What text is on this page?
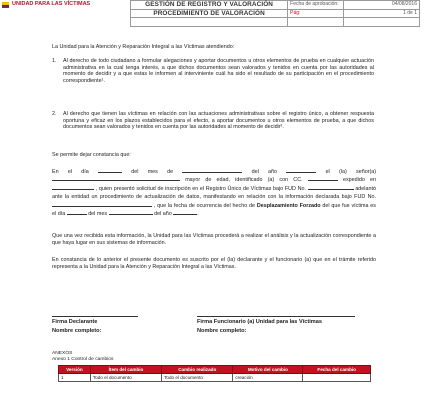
UNIDAD PARA LAS VÍCTIMAS	GESTIÓN DE REGISTRO Y VALORACIÓN	Fecha de aprobación:	04/08/2016
PROCEDIMIENTO DE VALORACIÓN	Pág:	1 de 1

La Unidad para la Atención y Reparación Integral a las Víctimas atendiendo:
1.	Al derecho de todo ciudadano a formular alegaciones y aportar documentos u otros elementos de prueba en cualquier actuación administrativa en la cual tenga interés, a que dichos documentos sean valorados y tenidos en cuenta por las autoridades al momento de decidir y a que estas le informen al interviniente cuál ha sido el resultado de su participación en el procedimiento correspondiente¹.
2.	Al derecho que tienen las víctimas en relación con las actuaciones administrativas sobre el registro único, a obtener respuesta oportuna y eficaz en los plazos establecidos para el efecto, a aportar documentos u otros elementos de prueba, a que dichos documentos sean valorados y tenidos en cuenta por las autoridades al momento de decidir².
Se permite dejar constancia que:
En el día	del mes de	del año	el (la) señor(a)  mayor de edad, identificado (a) con CC.	expedido en  , quien presentó solicitud de inscripción en el Registro Único de Víctimas bajo FUD No.	adelantó ante la entidad un procedimiento de actualización de datos, manifestando en relación con la información declarada bajo FUD No.  , que la fecha de ocurrencia del hecho de Desplazamiento Forzado del que fue víctima es el día	del mes	del año	.
Que una vez recibida esta información, la Unidad para las Víctimas procederá a realizar el análisis y la actualización correspondiente a que haya lugar en sus sistemas de información.
En constancia de lo anterior el presente documento es suscrito por el (la) declarante y el funcionario (a) que en el trámite referido representa a la Unidad para la Atención y Reparación Integral a las Víctimas.
Firma Declarante
Nombre completo:
Firma Funcionario (a) Unidad para las Víctimas
Nombre completo:
ANEXOS
Anexo 1 Control de cambios
Versión	Ítem del cambio	Cambio realizado	Motivo del cambio	Fecha del cambio
1	Todo el documento	Todo el documento	creación	
